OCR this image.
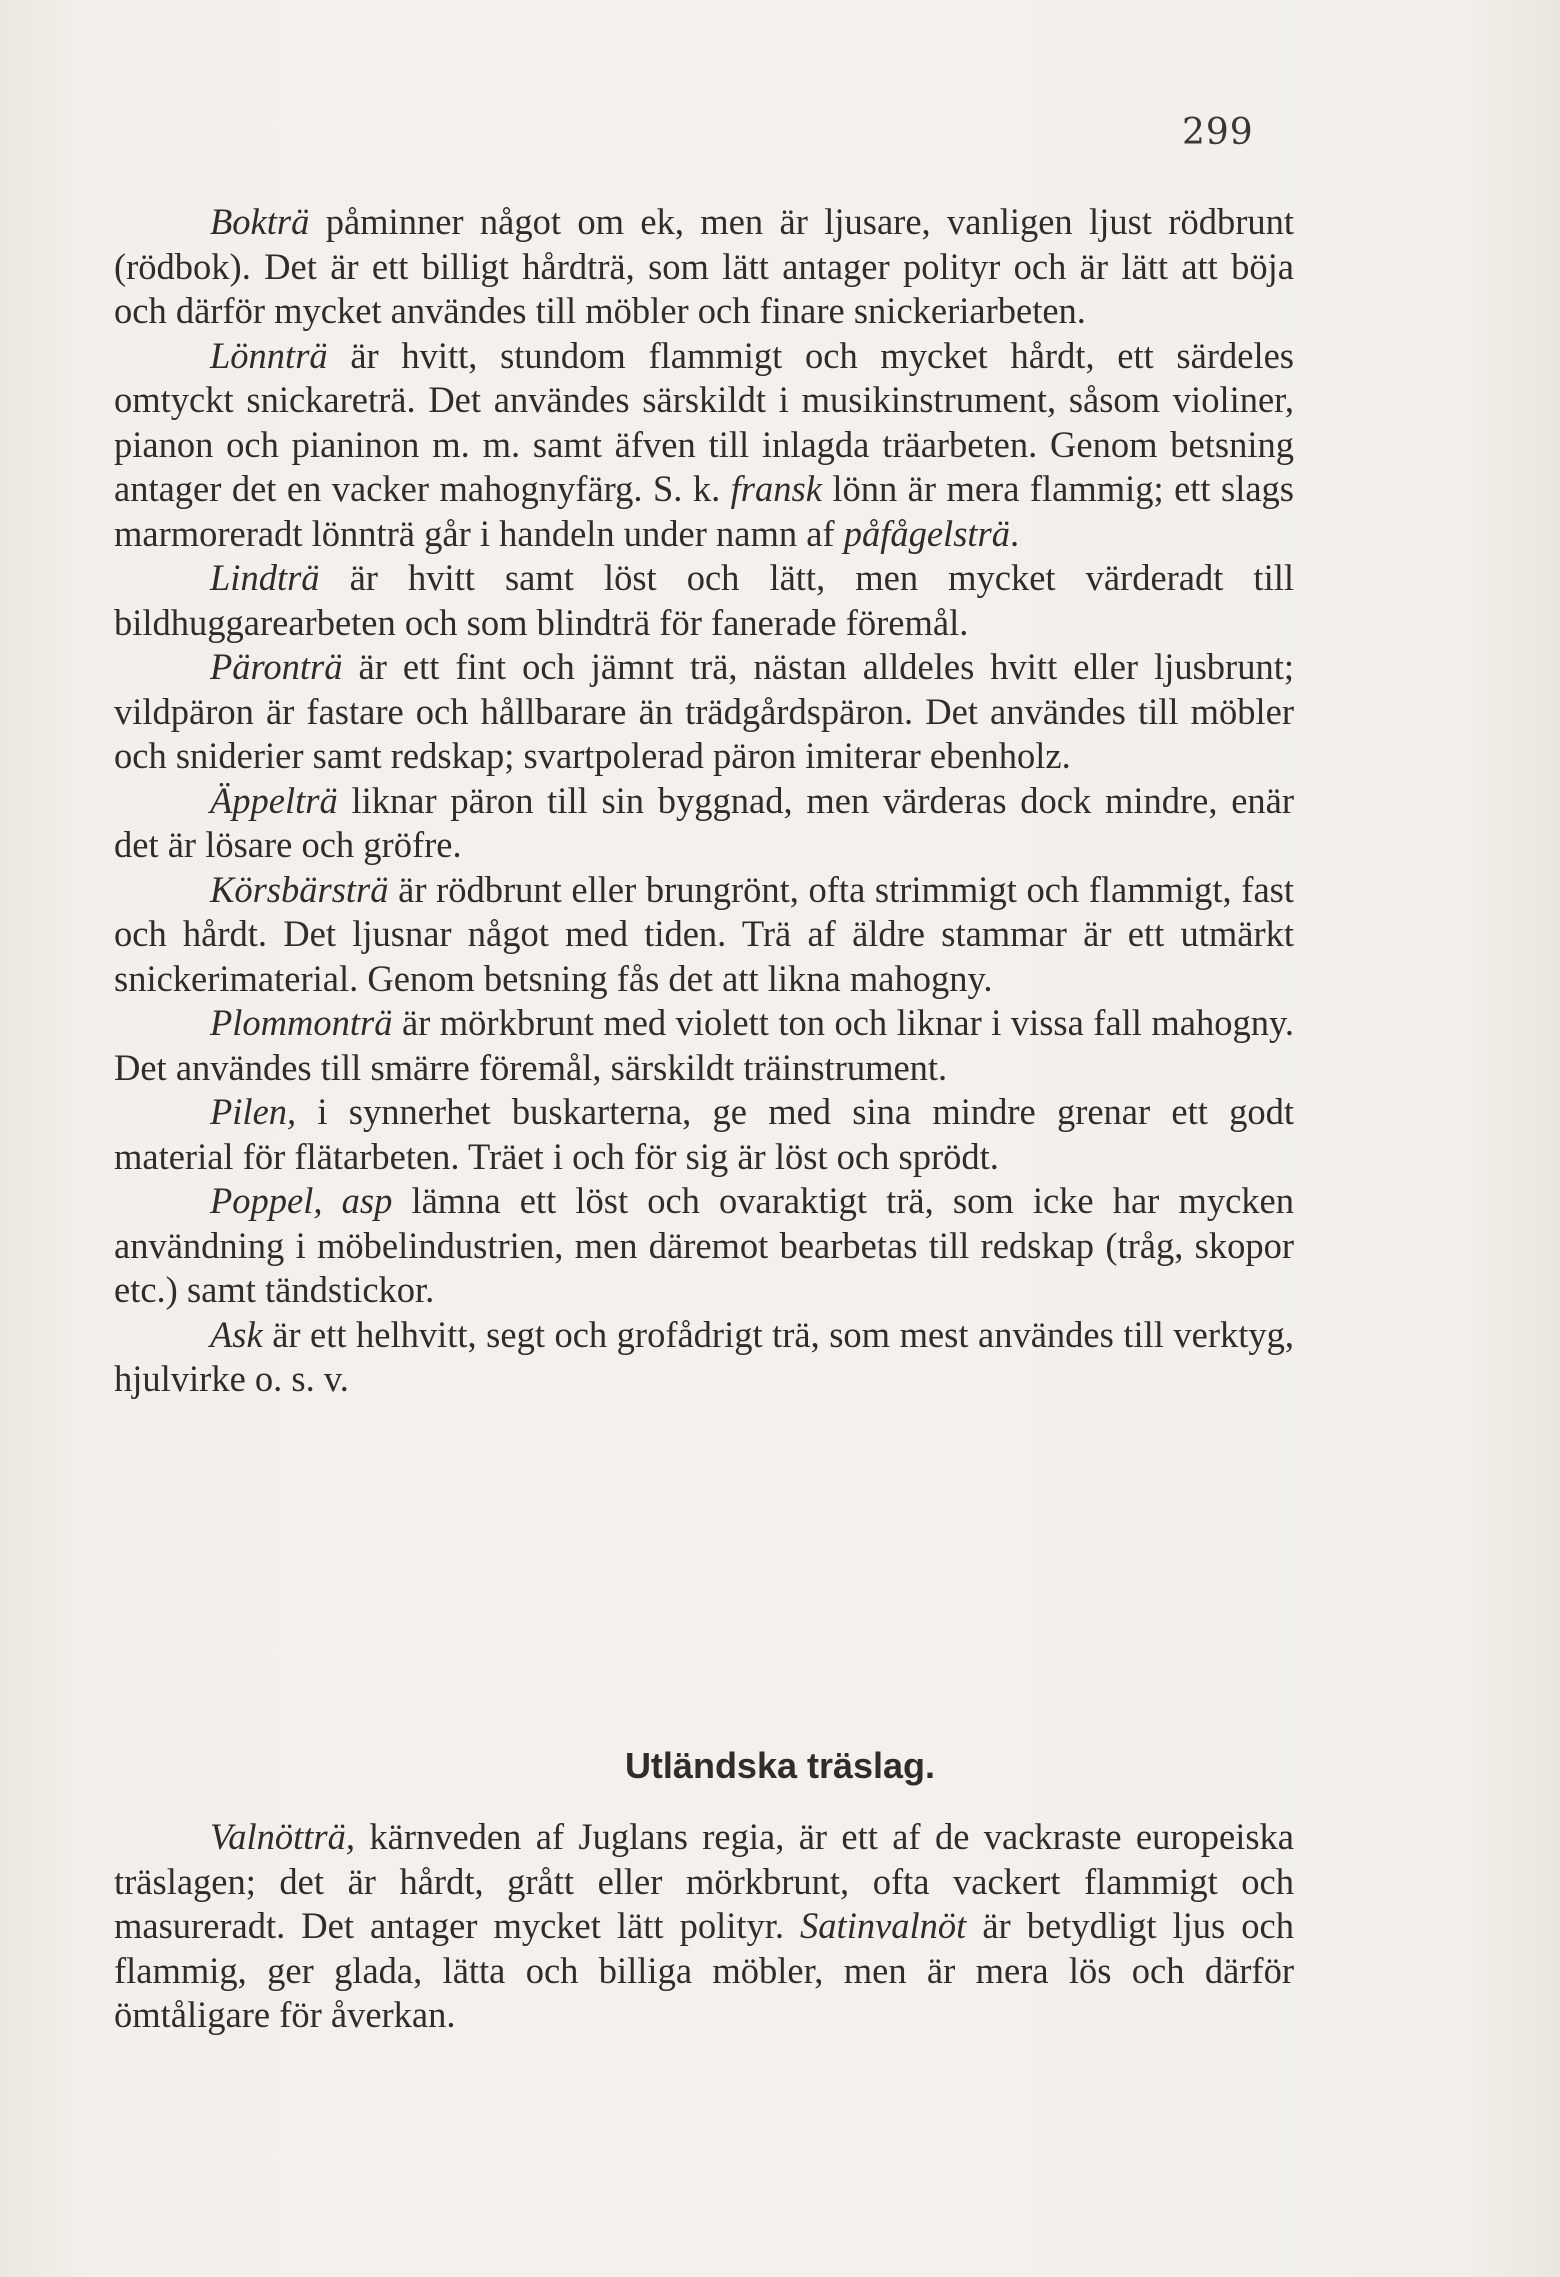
299

Bokträ påminner något om ek, men är ljusare, vanligen ljust rödbrunt (rödbok). Det är ett billigt hårdträ, som lätt antager polityr och är lätt att böja och därför mycket användes till möbler och finare snickeriarbeten.

Lönnträ är hvitt, stundom flammigt och mycket hårdt, ett särdeles omtyckt snickareträ. Det användes särskildt i musikinstrument, såsom violiner, pianon och pianinon m. m. samt äfven till inlagda träarbeten. Genom betsning antager det en vacker mahognyfärg. S. k. fransk lönn är mera flammig; ett slags marmoreradt lönnträ går i handeln under namn af påfågelsträ.

Lindträ är hvitt samt löst och lätt, men mycket värderadt till bildhuggarearbeten och som blindträ för fanerade föremål.

Päronträ är ett fint och jämnt trä, nästan alldeles hvitt eller ljusbrunt; vildpäron är fastare och hållbarare än trädgårdspäron. Det användes till möbler och sniderier samt redskap; svartpolerad päron imiterar ebenholz.

Äppelträ liknar päron till sin byggnad, men värderas dock mindre, enär det är lösare och gröfre.

Körsbärsträ är rödbrunt eller brungrönt, ofta strimmigt och flammigt, fast och hårdt. Det ljusnar något med tiden. Trä af äldre stammar är ett utmärkt snickerimaterial. Genom betsning fås det att likna mahogny.

Plommonträ är mörkbrunt med violett ton och liknar i vissa fall mahogny. Det användes till smärre föremål, särskildt träinstrument.

Pilen, i synnerhet buskarterna, ge med sina mindre grenar ett godt material för flätarbeten. Träet i och för sig är löst och sprödt.

Poppel, asp lämna ett löst och ovaraktigt trä, som icke har mycken användning i möbelindustrien, men däremot bearbetas till redskap (tråg, skopor etc.) samt tändstickor.

Ask är ett helhvitt, segt och grofådrigt trä, som mest användes till verktyg, hjulvirke o. s. v.

Utländska träslag.

Valnötträ, kärnveden af Juglans regia, är ett af de vackraste europeiska träslagen; det är hårdt, grått eller mörkbrunt, ofta vackert flammigt och masureradt. Det antager mycket lätt polityr. Satinvalnöt är betydligt ljus och flammig, ger glada, lätta och billiga möbler, men är mera lös och därför ömtåligare för åverkan.
